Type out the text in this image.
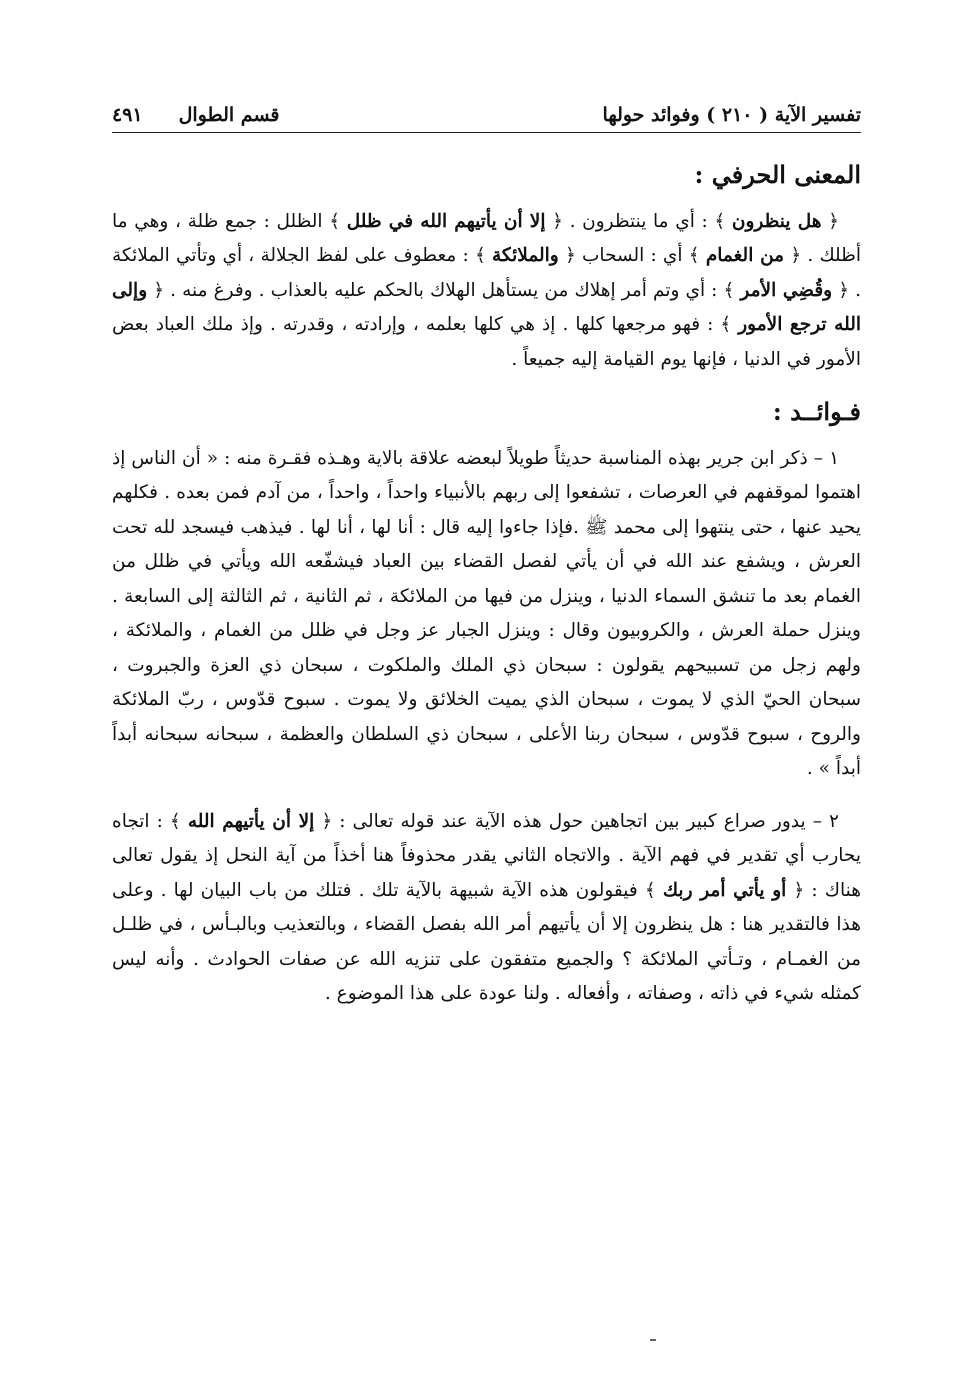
تفسير الآية ( ٢١٠ ) وفوائد حولها
قسم الطوال
٤٩١
المعنى الحرفي :

﴿ هل ينظرون ﴾ : أي ما ينتظرون . ﴿ إلا أن يأتيهم الله في ظلل ﴾ الظلل : جمع ظلة ، وهي ما أظلك . ﴿ من الغمام ﴾ أي : السحاب ﴿ والملائكة ﴾ : معطوف على لفظ الجلالة ، أي وتأتي الملائكة . ﴿ وقُضِي الأمر ﴾ : أي وتم أمر إهلاك من يستأهل الهلاك بالحكم عليه بالعذاب . وفرغ منه . ﴿ وإلى الله ترجع الأمور ﴾ : فهو مرجعها كلها . إذ هي كلها بعلمه ، وإرادته ، وقدرته . وإذ ملك العباد بعض الأمور في الدنيا ، فإنها يوم القيامة إليه جميعاً .

فـوائــد :

١ – ذكر ابن جرير بهذه المناسبة حديثاً طويلاً لبعضه علاقة بالاية وهـذه فقـرة منه : « أن الناس إذ اهتموا لموقفهم في العرصات ، تشفعوا إلى ربهم بالأنبياء واحداً ، واحداً ، من آدم فمن بعده . فكلهم يحيد عنها ، حتى ينتهوا إلى محمد ﷺ .فإذا جاءوا إليه قال : أنا لها ، أنا لها . فيذهب فيسجد لله تحت العرش ، ويشفع عند الله في أن يأتي لفصل القضاء بين العباد فيشفّعه الله ويأتي في ظلل من الغمام بعد ما تنشق السماء الدنيا ، وينزل من فيها من الملائكة ، ثم الثانية ، ثم الثالثة إلى السابعة . وينزل حملة العرش ، والكروبيون وقال : وينزل الجبار عز وجل في ظلل من الغمام ، والملائكة ، ولهم زجل من تسبيحهم يقولون : سبحان ذي الملك والملكوت ، سبحان ذي العزة والجبروت ، سبحان الحيّ الذي لا يموت ، سبحان الذي يميت الخلائق ولا يموت . سبوح قدّوس ، ربّ الملائكة والروح ، سبوح قدّوس ، سبحان ربنا الأعلى ، سبحان ذي السلطان والعظمة ، سبحانه سبحانه أبداً أبداً » .

٢ – يدور صراع كبير بين اتجاهين حول هذه الآية عند قوله تعالى : ﴿ إلا أن يأتيهم الله ﴾ : اتجاه يحارب أي تقدير في فهم الآية . والاتجاه الثاني يقدر محذوفاً هنا أخذاً من آية النحل إذ يقول تعالى هناك : ﴿ أو يأتي أمر ربك ﴾ فيقولون هذه الآية شبيهة بالآية تلك . فتلك من باب البيان لها . وعلى هذا فالتقدير هنا : هل ينظرون إلا أن يأتيهم أمر الله بفصل القضاء ، وبالتعذيب وبالبـأس ، في ظلـل من الغمـام ، وتـأتي الملائكة ؟ والجميع متفقون على تنزيه الله عن صفات الحوادث . وأنه ليس كمثله شيء في ذاته ، وصفاته ، وأفعاله . ولنا عودة على هذا الموضوع .
